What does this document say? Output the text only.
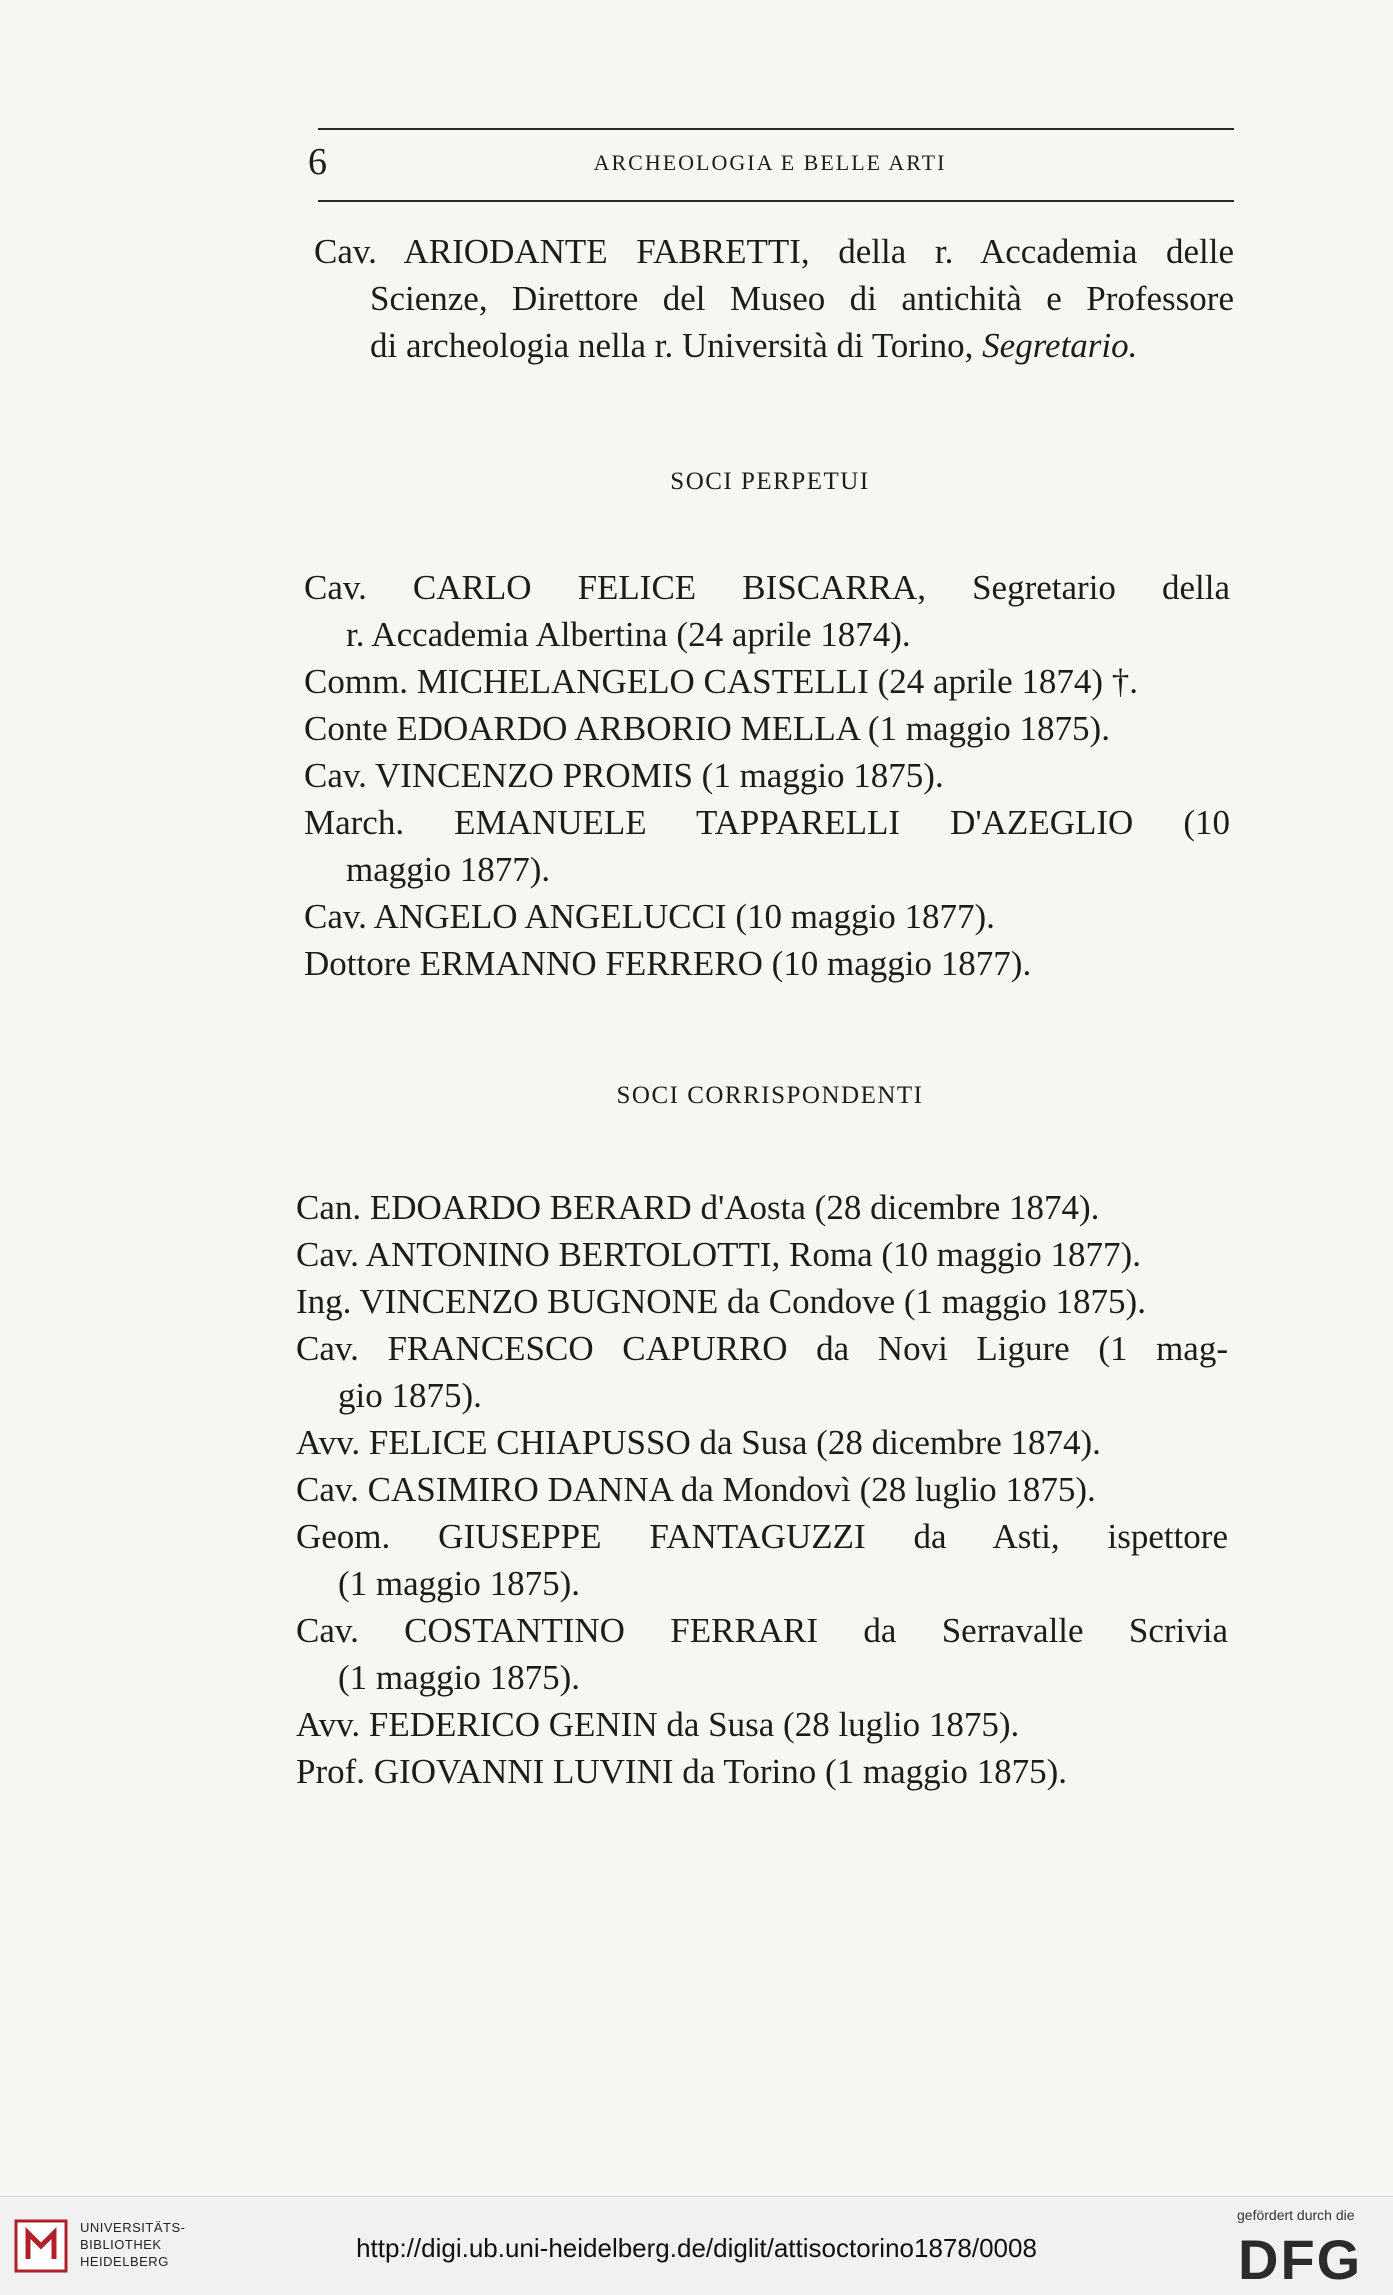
6	ARCHEOLOGIA E BELLE ARTI
Cav. ARIODANTE FABRETTI, della r. Accademia delle
Scienze, Direttore del Museo di antichità e Professore
di archeologia nella r. Università di Torino, Segretario.
SOCI PERPETUI
Cav. CARLO FELICE BISCARRA, Segretario della
r. Accademia Albertina (24 aprile 1874).
Comm. MICHELANGELO CASTELLI (24 aprile 1874) †.
Conte EDOARDO ARBORIO MELLA (1 maggio 1875).
Cav. VINCENZO PROMIS (1 maggio 1875).
March. EMANUELE TAPPARELLI D'AZEGLIO (10
maggio 1877).
Cav. ANGELO ANGELUCCI (10 maggio 1877).
Dottore ERMANNO FERRERO (10 maggio 1877).
SOCI CORRISPONDENTI
Can. EDOARDO BERARD d'Aosta (28 dicembre 1874).
Cav. ANTONINO BERTOLOTTI, Roma (10 maggio 1877).
Ing. VINCENZO BUGNONE da Condove (1 maggio 1875).
Cav. FRANCESCO CAPURRO da Novi Ligure (1 mag-
gio 1875).
Avv. FELICE CHIAPUSSO da Susa (28 dicembre 1874).
Cav. CASIMIRO DANNA da Mondovì (28 luglio 1875).
Geom. GIUSEPPE FANTAGUZZI da Asti, ispettore
(1 maggio 1875).
Cav. COSTANTINO FERRARI da Serravalle Scrivia
(1 maggio 1875).
Avv. FEDERICO GENIN da Susa (28 luglio 1875).
Prof. GIOVANNI LUVINI da Torino (1 maggio 1875).
UNIVERSITÄTS-
BIBLIOTHEK
HEIDELBERG	http://digi.ub.uni-heidelberg.de/diglit/attisoctorino1878/0008
gefördert durch die
DFG
